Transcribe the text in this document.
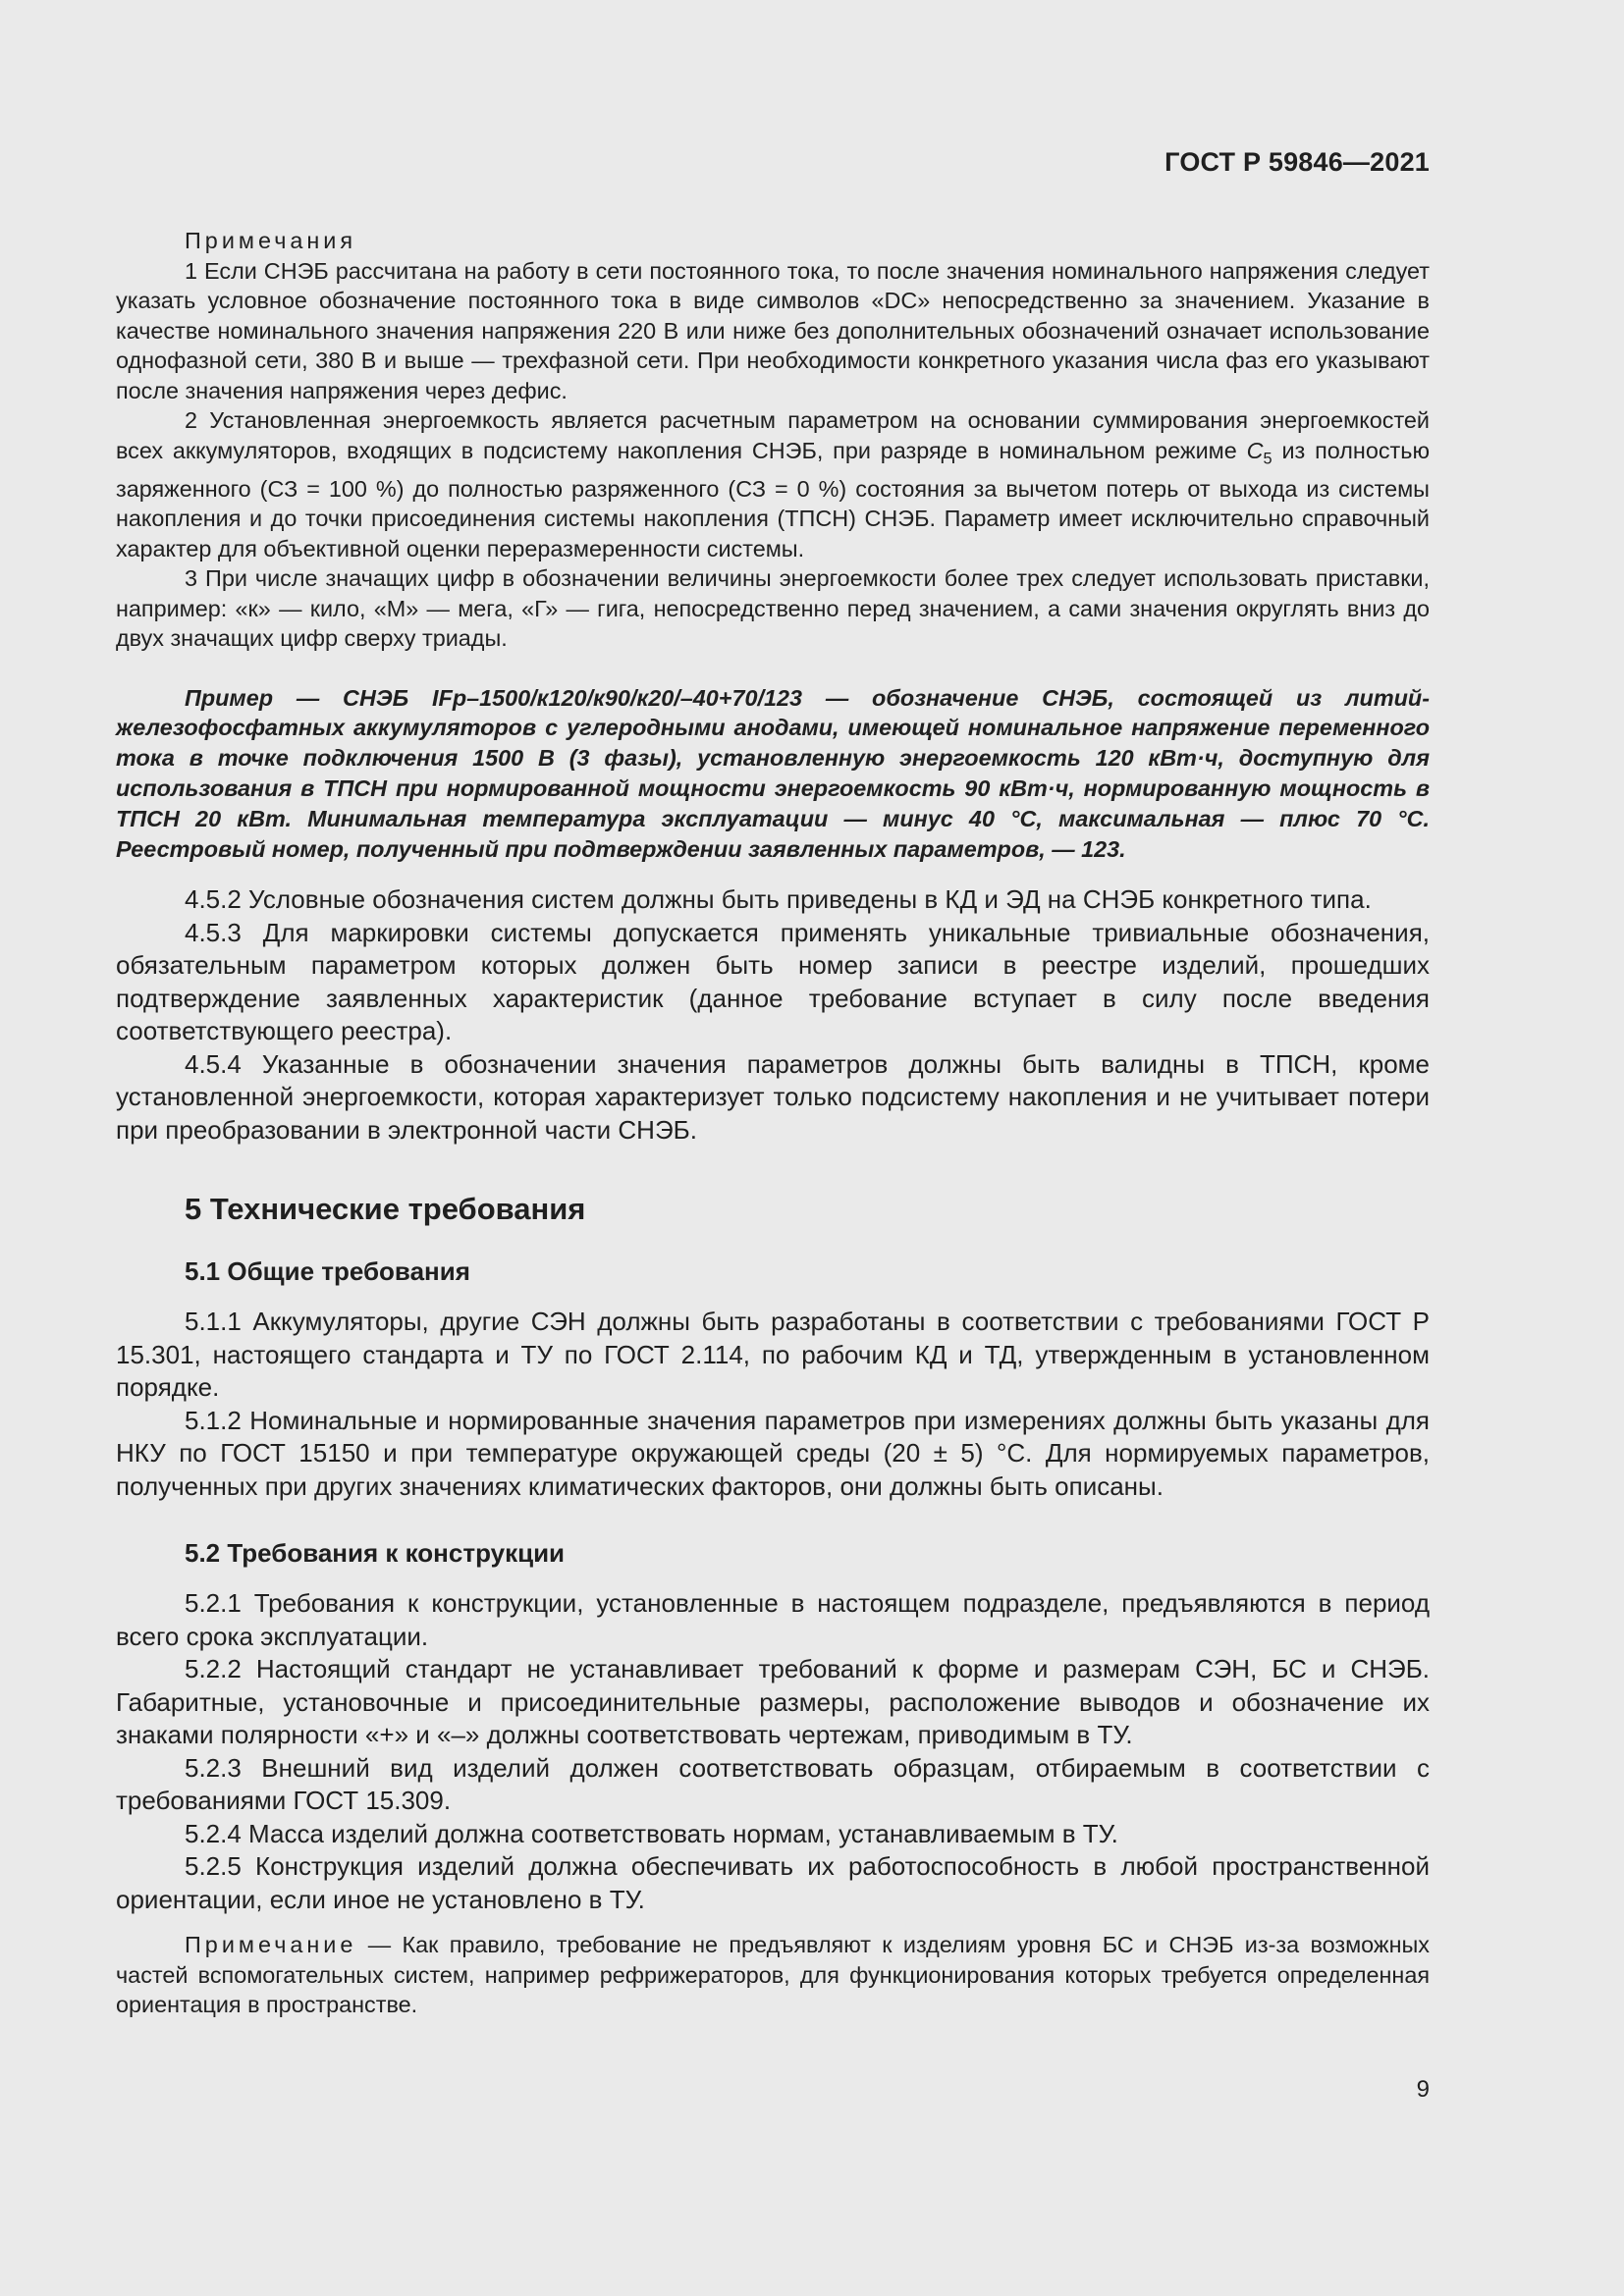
ГОСТ Р 59846—2021
Примечания

1 Если СНЭБ рассчитана на работу в сети постоянного тока, то после значения номинального напряжения следует указать условное обозначение постоянного тока в виде символов «DC» непосредственно за значением. Указание в качестве номинального значения напряжения 220 В или ниже без дополнительных обозначений означает использование однофазной сети, 380 В и выше — трехфазной сети. При необходимости конкретного указания числа фаз его указывают после значения напряжения через дефис.

2 Установленная энергоемкость является расчетным параметром на основании суммирования энергоемкостей всех аккумуляторов, входящих в подсистему накопления СНЭБ, при разряде в номинальном режиме $C_5$ из полностью заряженного (СЗ = 100 %) до полностью разряженного (СЗ = 0 %) состояния за вычетом потерь от выхода из системы накопления и до точки присоединения системы накопления (ТПСН) СНЭБ. Параметр имеет исключительно справочный характер для объективной оценки переразмеренности системы.

3 При числе значащих цифр в обозначении величины энергоемкости более трех следует использовать приставки, например: «к» — кило, «М» — мега, «Г» — гига, непосредственно перед значением, а сами значения округлять вниз до двух значащих цифр сверху триады.

Пример — СНЭБ IFp–1500/к120/к90/к20/–40+70/123 — обозначение СНЭБ, состоящей из литий-железофосфатных аккумуляторов с углеродными анодами, имеющей номинальное напряжение переменного тока в точке подключения 1500 В (3 фазы), установленную энергоемкость 120 кВт·ч, доступную для использования в ТПСН при нормированной мощности энергоемкость 90 кВт·ч, нормированную мощность в ТПСН 20 кВт. Минимальная температура эксплуатации — минус 40 °С, максимальная — плюс 70 °С. Реестровый номер, полученный при подтверждении заявленных параметров, — 123.

4.5.2 Условные обозначения систем должны быть приведены в КД и ЭД на СНЭБ конкретного типа.

4.5.3 Для маркировки системы допускается применять уникальные тривиальные обозначения, обязательным параметром которых должен быть номер записи в реестре изделий, прошедших подтверждение заявленных характеристик (данное требование вступает в силу после введения соответствующего реестра).

4.5.4 Указанные в обозначении значения параметров должны быть валидны в ТПСН, кроме установленной энергоемкости, которая характеризует только подсистему накопления и не учитывает потери при преобразовании в электронной части СНЭБ.

5 Технические требования
5.1 Общие требования

5.1.1 Аккумуляторы, другие СЭН должны быть разработаны в соответствии с требованиями ГОСТ Р 15.301, настоящего стандарта и ТУ по ГОСТ 2.114, по рабочим КД и ТД, утвержденным в установленном порядке.

5.1.2 Номинальные и нормированные значения параметров при измерениях должны быть указаны для НКУ по ГОСТ 15150 и при температуре окружающей среды (20 ± 5) °С. Для нормируемых параметров, полученных при других значениях климатических факторов, они должны быть описаны.

5.2 Требования к конструкции

5.2.1 Требования к конструкции, установленные в настоящем подразделе, предъявляются в период всего срока эксплуатации.

5.2.2 Настоящий стандарт не устанавливает требований к форме и размерам СЭН, БС и СНЭБ. Габаритные, установочные и присоединительные размеры, расположение выводов и обозначение их знаками полярности «+» и «–» должны соответствовать чертежам, приводимым в ТУ.

5.2.3 Внешний вид изделий должен соответствовать образцам, отбираемым в соответствии с требованиями ГОСТ 15.309.

5.2.4 Масса изделий должна соответствовать нормам, устанавливаемым в ТУ.

5.2.5 Конструкция изделий должна обеспечивать их работоспособность в любой пространственной ориентации, если иное не установлено в ТУ.

Примечание — Как правило, требование не предъявляют к изделиям уровня БС и СНЭБ из-за возможных частей вспомогательных систем, например рефрижераторов, для функционирования которых требуется определенная ориентация в пространстве.
9
